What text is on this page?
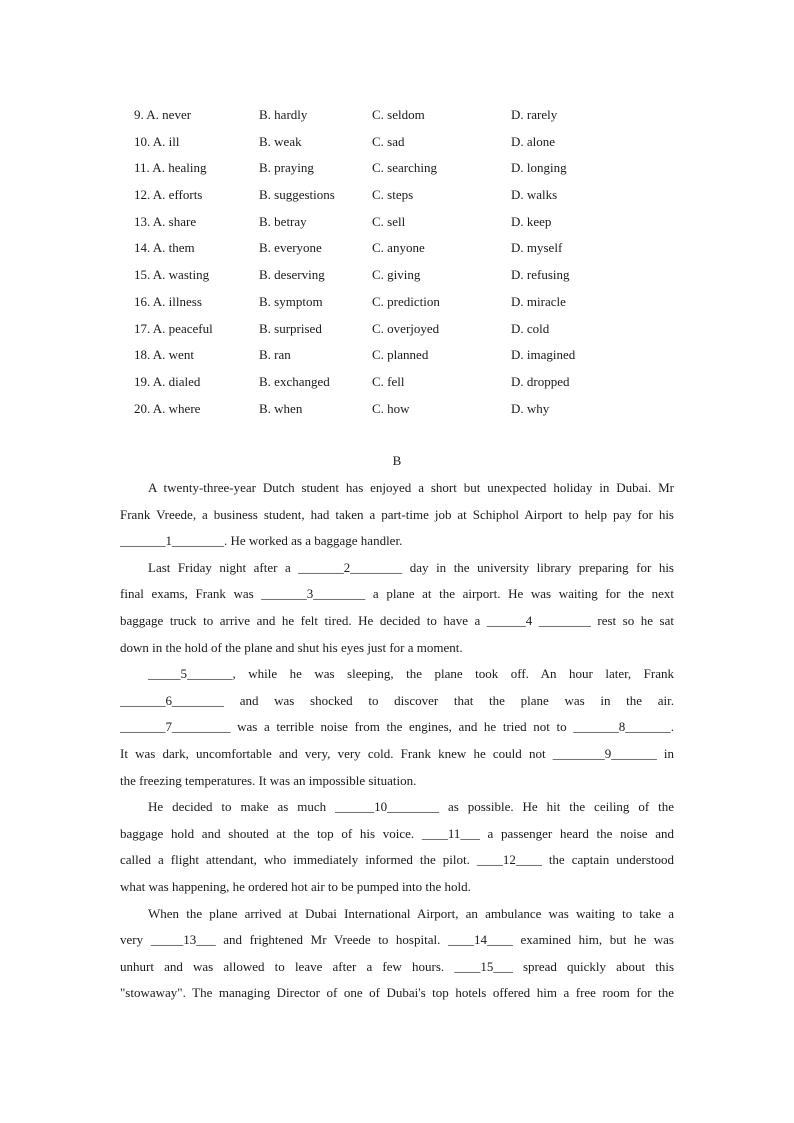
9. A. never	B. hardly	C. seldom	D. rarely
10. A. ill	B. weak	C. sad	D. alone
11. A. healing	B. praying	C. searching	D. longing
12. A. efforts	B. suggestions	C. steps	D. walks
13. A. share	B. betray	C. sell	D. keep
14. A. them	B. everyone	C. anyone	D. myself
15. A. wasting	B. deserving	C. giving	D. refusing
16. A. illness	B. symptom	C. prediction	D. miracle
17. A. peaceful	B. surprised	C. overjoyed	D. cold
18. A. went	B. ran	C. planned	D. imagined
19. A. dialed	B. exchanged	C. fell	D. dropped
20. A. where	B. when	C. how	D. why
B
A twenty-three-year Dutch student has enjoyed a short but unexpected holiday in Dubai. Mr
Frank Vreede, a business student, had taken a part-time job at Schiphol Airport to help pay for his
_______1________. He worked as a baggage handler.
Last Friday night after a _______2________ day in the university library preparing for his
final exams, Frank was _______3________ a plane at the airport. He was waiting for the next
baggage truck to arrive and he felt tired. He decided to have a ______4 ________ rest so he sat
down in the hold of the plane and shut his eyes just for a moment.
_____5_______, while he was sleeping, the plane took off. An hour later, Frank
_______6________ and was shocked to discover that the plane was in the air.
_______7_________ was a terrible noise from the engines, and he tried not to _______8_______.
It was dark, uncomfortable and very, very cold. Frank knew he could not ________9_______ in
the freezing temperatures. It was an impossible situation.
He decided to make as much ______10________ as possible. He hit the ceiling of the
baggage hold and shouted at the top of his voice. ____11___ a passenger heard the noise and
called a flight attendant, who immediately informed the pilot. ____12____ the captain understood
what was happening, he ordered hot air to be pumped into the hold.
When the plane arrived at Dubai International Airport, an ambulance was waiting to take a
very _____13___ and frightened Mr Vreede to hospital. ____14____ examined him, but he was
unhurt and was allowed to leave after a few hours. ____15___ spread quickly about this
"stowaway". The managing Director of one of Dubai's top hotels offered him a free room for the
